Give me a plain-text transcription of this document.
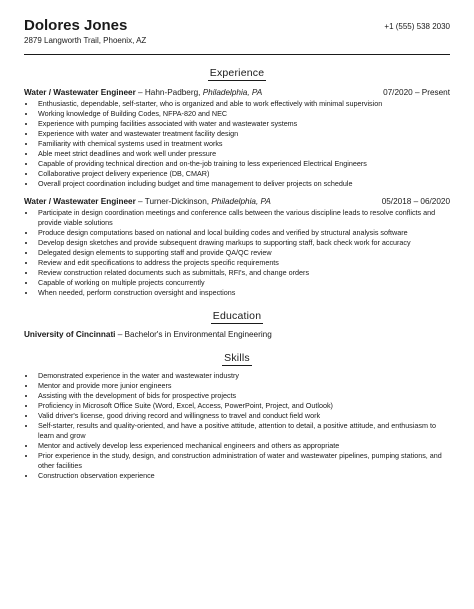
Dolores Jones
2879 Langworth Trail, Phoenix, AZ
+1 (555) 538 2030
Experience
Water / Wastewater Engineer – Hahn-Padberg, Philadelphia, PA	07/2020 – Present
• Enthusiastic, dependable, self-starter, who is organized and able to work effectively with minimal supervision
• Working knowledge of Building Codes, NFPA-820 and NEC
• Experience with pumping facilities associated with water and wastewater systems
• Experience with water and wastewater treatment facility design
• Familiarity with chemical systems used in treatment works
• Able meet strict deadlines and work well under pressure
• Capable of providing technical direction and on-the-job training to less experienced Electrical Engineers
• Collaborative project delivery experience (DB, CMAR)
• Overall project coordination including budget and time management to deliver projects on schedule
Water / Wastewater Engineer – Turner-Dickinson, Philadelphia, PA	05/2018 – 06/2020
• Participate in design coordination meetings and conference calls between the various discipline leads to resolve conflicts and provide viable solutions
• Produce design computations based on national and local building codes and verified by structural analysis software
• Develop design sketches and provide subsequent drawing markups to supporting staff, back check work for accuracy
• Delegated design elements to supporting staff and provide QA/QC review
• Review and edit specifications to address the projects specific requirements
• Review construction related documents such as submittals, RFI's, and change orders
• Capable of working on multiple projects concurrently
• When needed, perform construction oversight and inspections
Education
University of Cincinnati – Bachelor's in Environmental Engineering
Skills
• Demonstrated experience in the water and wastewater industry
• Mentor and provide more junior engineers
• Assisting with the development of bids for prospective projects
• Proficiency in Microsoft Office Suite (Word, Excel, Access, PowerPoint, Project, and Outlook)
• Valid driver's license, good driving record and willingness to travel and conduct field work
• Self-starter, results and quality-oriented, and have a positive attitude, attention to detail, a positive attitude, and enthusiasm to learn and grow
• Mentor and actively develop less experienced mechanical engineers and others as appropriate
• Prior experience in the study, design, and construction administration of water and wastewater pipelines, pumping stations, and other facilities
• Construction observation experience
